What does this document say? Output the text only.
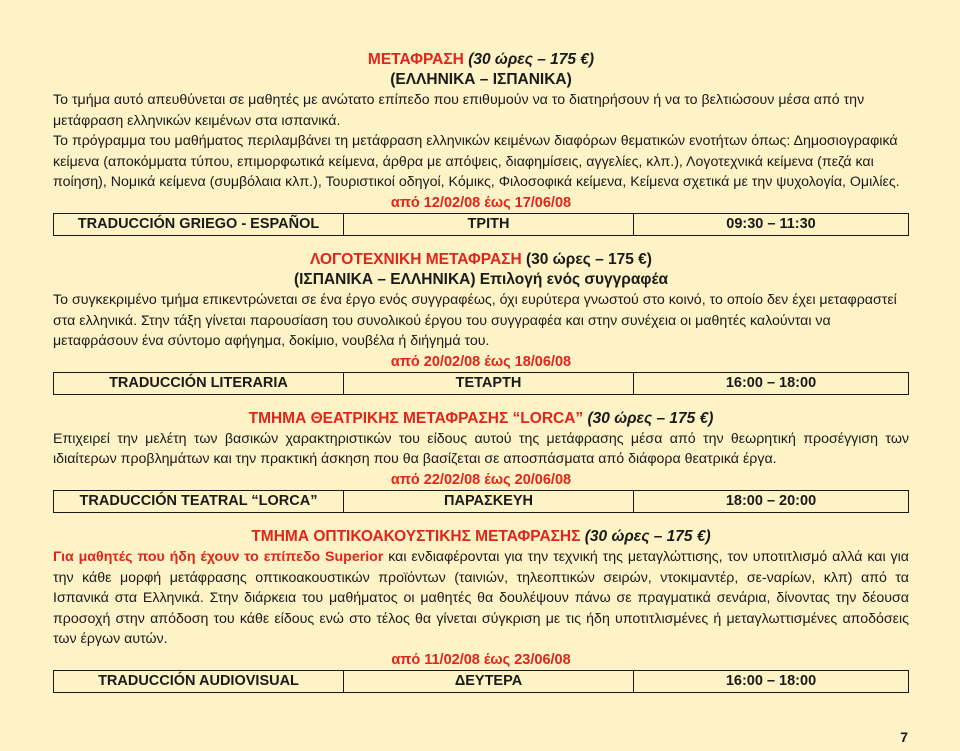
ΜΕΤΑΦΡΑΣΗ (30 ώρες – 175 €)
(ΕΛΛΗΝΙΚΑ – ΙΣΠΑΝΙΚΑ)

Το τμήμα αυτό απευθύνεται σε μαθητές με ανώτατο επίπεδο που επιθυμούν να το διατηρήσουν ή να το βελτιώσουν μέσα από την μετάφραση ελληνικών κειμένων στα ισπανικά.

Το πρόγραμμα του μαθήματος περιλαμβάνει τη μετάφραση ελληνικών κειμένων διαφόρων θεματικών ενοτήτων όπως: Δημοσιογραφικά κείμενα (αποκόμματα τύπου, επιμορφωτικά κείμενα, άρθρα με απόψεις, διαφημίσεις, αγγελίες, κλπ.), Λογοτεχνικά κείμενα (πεζά και ποίηση), Νομικά κείμενα (συμβόλαια κλπ.), Τουριστικοί οδηγοί, Κόμικς, Φιλοσοφικά κείμενα, Κείμενα σχετικά με την ψυχολογία, Ομιλίες.

από 12/02/08 έως 17/06/08
TRADUCCIÓN GRIEGO - ESPAÑOL	ΤΡΙΤΗ	09:30 – 11:30
ΛΟΓΟΤΕΧΝΙΚΗ ΜΕΤΑΦΡΑΣΗ (30 ώρες – 175 €)
(ΙΣΠΑΝΙΚΑ – ΕΛΛΗΝΙΚΑ) Επιλογή ενός συγγραφέα

Το συγκεκριμένο τμήμα επικεντρώνεται σε ένα έργο ενός συγγραφέως, όχι ευρύτερα γνωστού στο κοινό, το οποίο δεν έχει μεταφραστεί στα ελληνικά. Στην τάξη γίνεται παρουσίαση του συνολικού έργου του συγγραφέα και στην συνέχεια οι μαθητές καλούνται να μεταφράσουν ένα σύντομο αφήγημα, δοκίμιο, νουβέλα ή διήγημά του.

από 20/02/08 έως 18/06/08
TRADUCCIÓN LITERARIA	ΤΕΤΑΡΤΗ	16:00 – 18:00
ΤΜΗΜΑ ΘΕΑΤΡΙΚΗΣ ΜΕΤΑΦΡΑΣΗΣ “LORCA” (30 ώρες – 175 €)

Επιχειρεί την μελέτη των βασικών χαρακτηριστικών του είδους αυτού της μετάφρασης μέσα από την θεωρητική προσέγγιση των ιδιαίτερων προβλημάτων και την πρακτική άσκηση που θα βασίζεται σε αποσπάσματα από διάφορα θεατρικά έργα.

από 22/02/08 έως 20/06/08
TRADUCCIÓN TEATRAL “LORCA”	ΠΑΡΑΣΚΕΥΗ	18:00 – 20:00
ΤΜΗΜΑ ΟΠΤΙΚΟΑΚΟΥΣΤΙΚΗΣ ΜΕΤΑΦΡΑΣΗΣ (30 ώρες – 175 €)

Για μαθητές που ήδη έχουν το επίπεδο Superior και ενδιαφέρονται για την τεχνική της μεταγλώττισης, τον υποτιτλισμό αλλά και για την κάθε μορφή μετάφρασης οπτικοακουστικών προϊόντων (ταινιών, τηλεοπτικών σειρών, ντοκιμαντέρ, σε-ναρίων, κλπ) από τα Ισπανικά στα Ελληνικά. Στην διάρκεια του μαθήματος οι μαθητές θα δουλέψουν πάνω σε πραγματικά σενάρια, δίνοντας την δέουσα προσοχή στην απόδοση του κάθε είδους ενώ στο τέλος θα γίνεται σύγκριση με τις ήδη υποτιτλισμένες ή μεταγλωττισμένες αποδόσεις των έργων αυτών.

από 11/02/08 έως 23/06/08
TRADUCCIÓN AUDIOVISUAL	ΔΕΥΤΕΡΑ	16:00 – 18:00
7
